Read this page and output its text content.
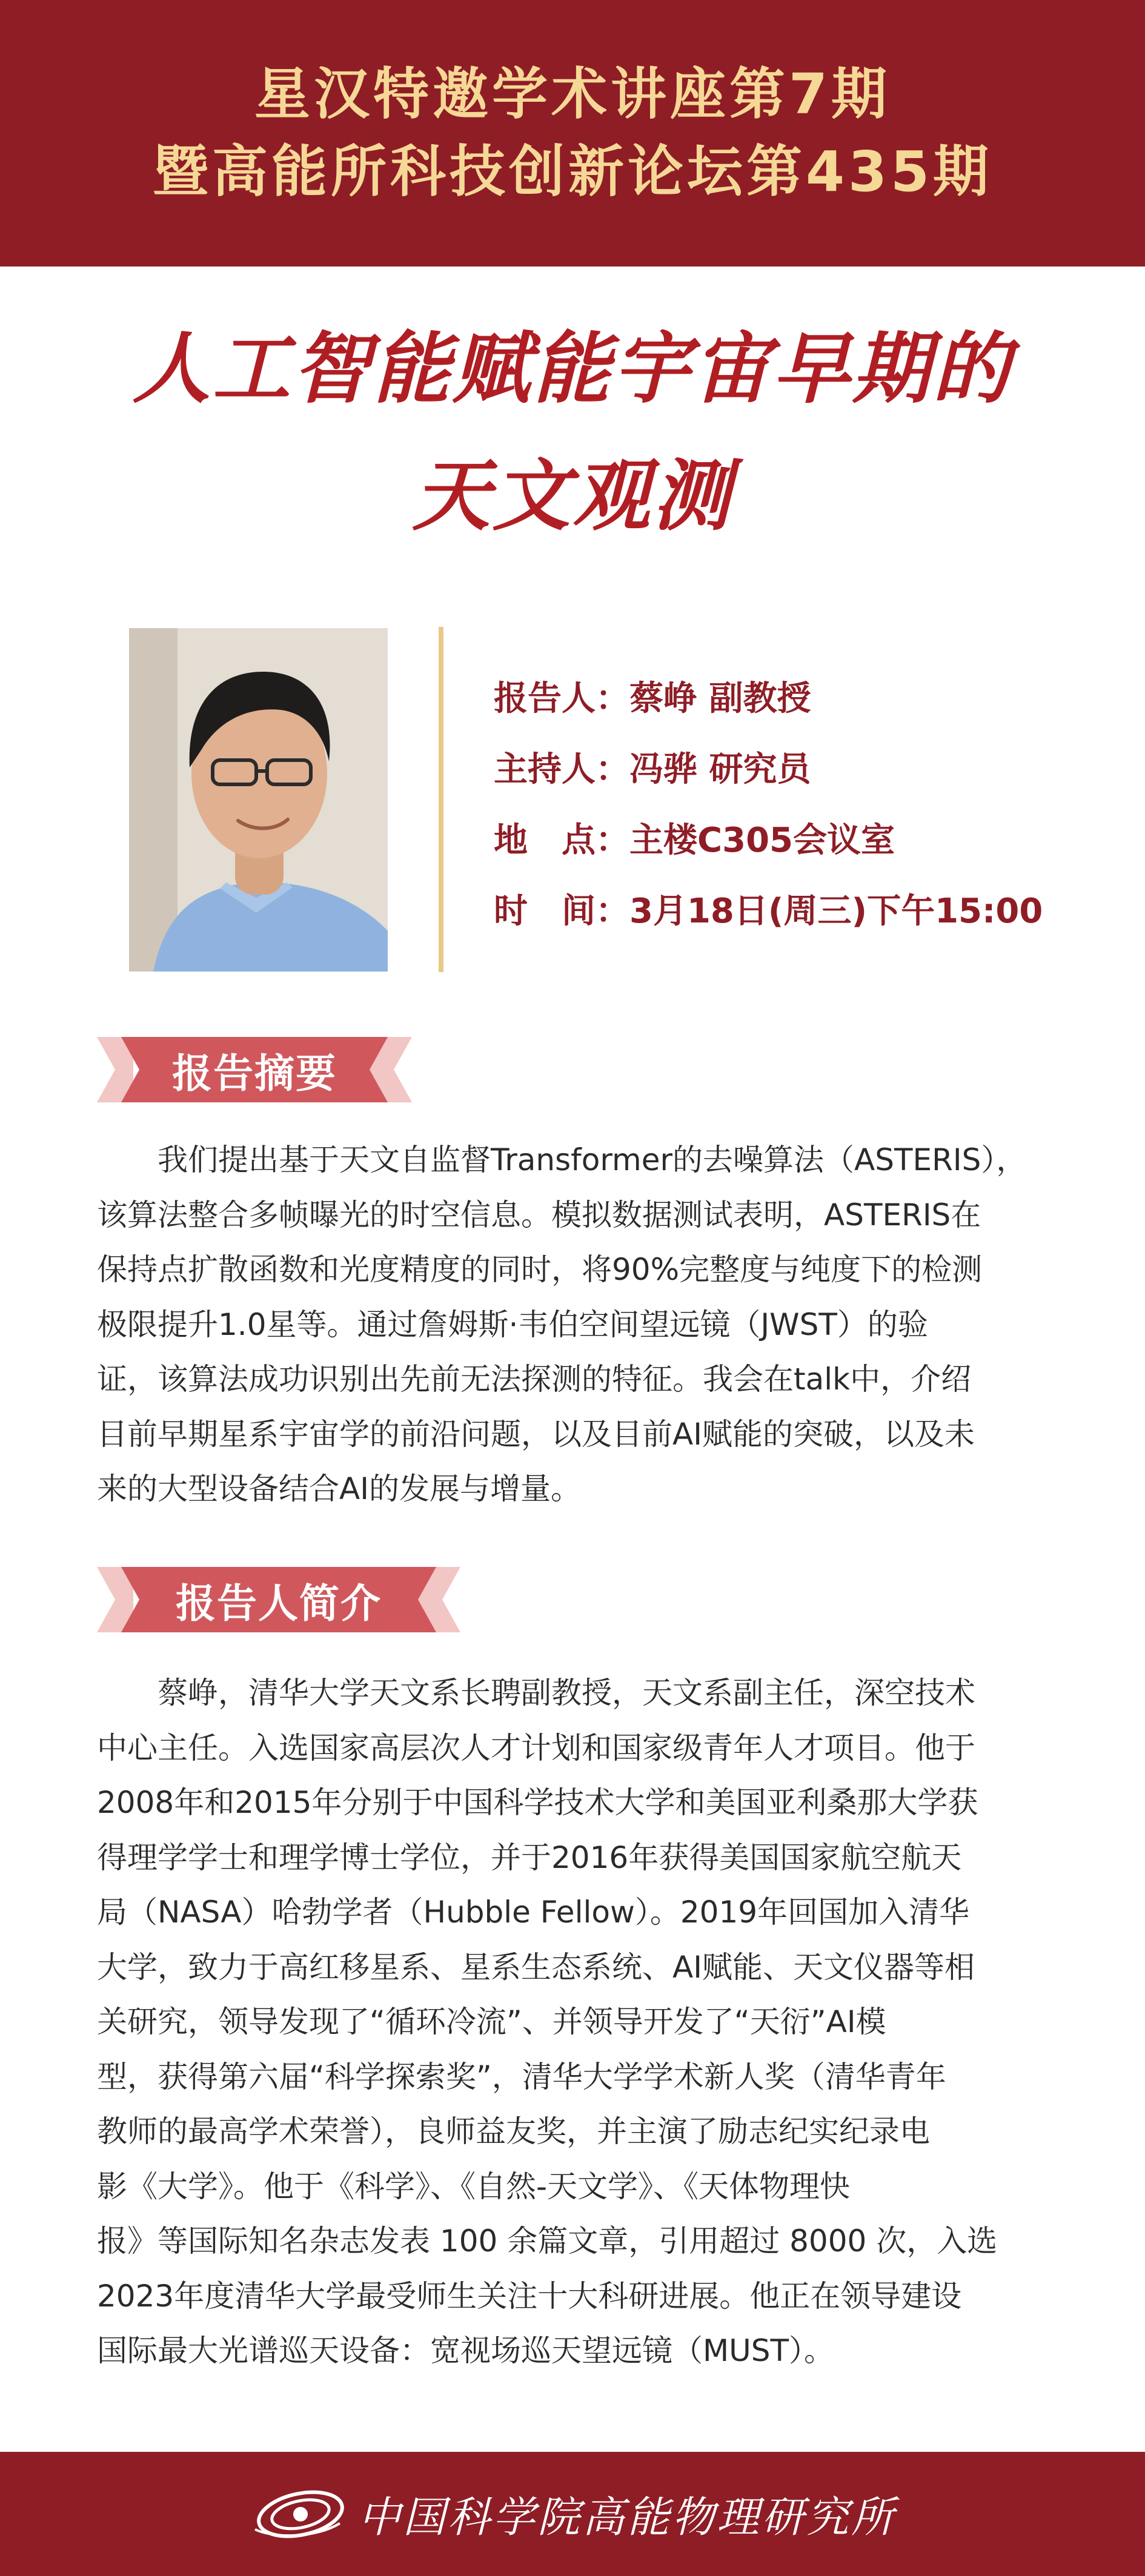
星汉特邀学术讲座第7期
暨高能所科技创新论坛第435期
人工智能赋能宇宙早期的
天文观测
报告人： 蔡峥 副教授
主持人： 冯骅 研究员
地　点： 主楼C305会议室
时　间： 3月18日(周三)下午15:00
报告摘要
我们提出基于天文自监督Transformer的去噪算法（ASTERIS），
该算法整合多帧曝光的时空信息。模拟数据测试表明，ASTERIS在
保持点扩散函数和光度精度的同时，将90%完整度与纯度下的检测
极限提升1.0星等。通过詹姆斯·韦伯空间望远镜（JWST）的验
证，该算法成功识别出先前无法探测的特征。我会在talk中，介绍
目前早期星系宇宙学的前沿问题，以及目前AI赋能的突破，以及未
来的大型设备结合AI的发展与增量。
报告人简介
蔡峥，清华大学天文系长聘副教授，天文系副主任，深空技术
中心主任。入选国家高层次人才计划和国家级青年人才项目。他于
2008年和2015年分别于中国科学技术大学和美国亚利桑那大学获
得理学学士和理学博士学位，并于2016年获得美国国家航空航天
局（NASA）哈勃学者（Hubble Fellow）。2019年回国加入清华
大学，致力于高红移星系、星系生态系统、AI赋能、天文仪器等相
关研究，领导发现了“循环冷流”、并领导开发了“天衍”AI模
型，获得第六届“科学探索奖”，清华大学学术新人奖（清华青年
教师的最高学术荣誉），良师益友奖，并主演了励志纪实纪录电
影《大学》。他于《科学》、《自然-天文学》、《天体物理快
报》等国际知名杂志发表 100 余篇文章，引用超过 8000 次，入选
2023年度清华大学最受师生关注十大科研进展。他正在领导建设
国际最大光谱巡天设备：宽视场巡天望远镜（MUST）。
中国科学院高能物理研究所
